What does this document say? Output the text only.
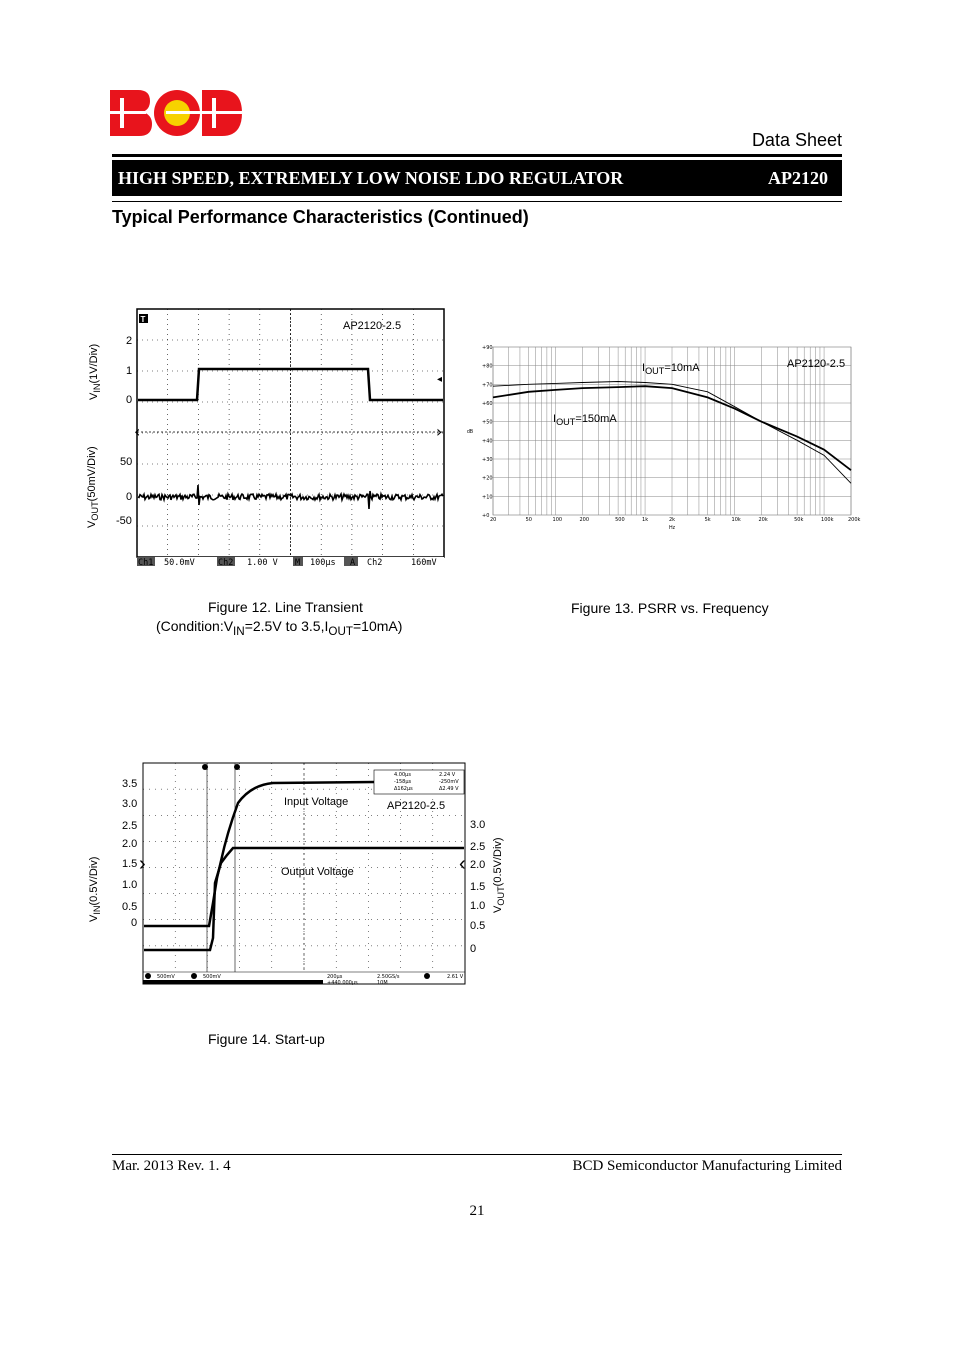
Data Sheet
HIGH SPEED, EXTREMELY LOW NOISE LDO REGULATOR	AP2120
Typical Performance Characteristics (Continued)
‹	›
T
◂
Ch1 50.0mV	Ch2 1.00 V M 100µs A Ch2	160mV
AP2120-2.5
2
1
0
50
0
-50
$V_{IN}(1V/Div)$
$V_{OUT}(50mV/Div)$
Figure 12. Line Transient
($Condition:V_{IN}=2.5V$ to $3.5,I_{OUT}=10mA$)
20	50	100	200	500	1k	2k	5k	10k	20k	50k	100k	200k
+0
+10
+20
+30
+40
+50
+60
+70
+80
+90
dB
Hz
AP2120-2.5
$I_{OUT}=10mA$
$I_{OUT}=150mA$
Figure 13. PSRR vs. Frequency
4.00µs	2.24 V
-158µs	-250mV
Δ162µs	Δ2.49 V
500mV	500mV	200µs
+440.000µs
2.50GS/s
10M
2.61 V
Input Voltage	AP2120-2.5
Output Voltage
3.5
3.0
2.5
2.0
1.5
1.0
0.5
0
›	‹
3.0
2.5
2.0
1.5
1.0
0.5
0
$V_{IN}(0.5V/Div)$
$V_{OUT}(0.5V/Div)$
Figure 14. Start-up
Mar. 2013 Rev. 1. 4	BCD Semiconductor Manufacturing Limited
21
